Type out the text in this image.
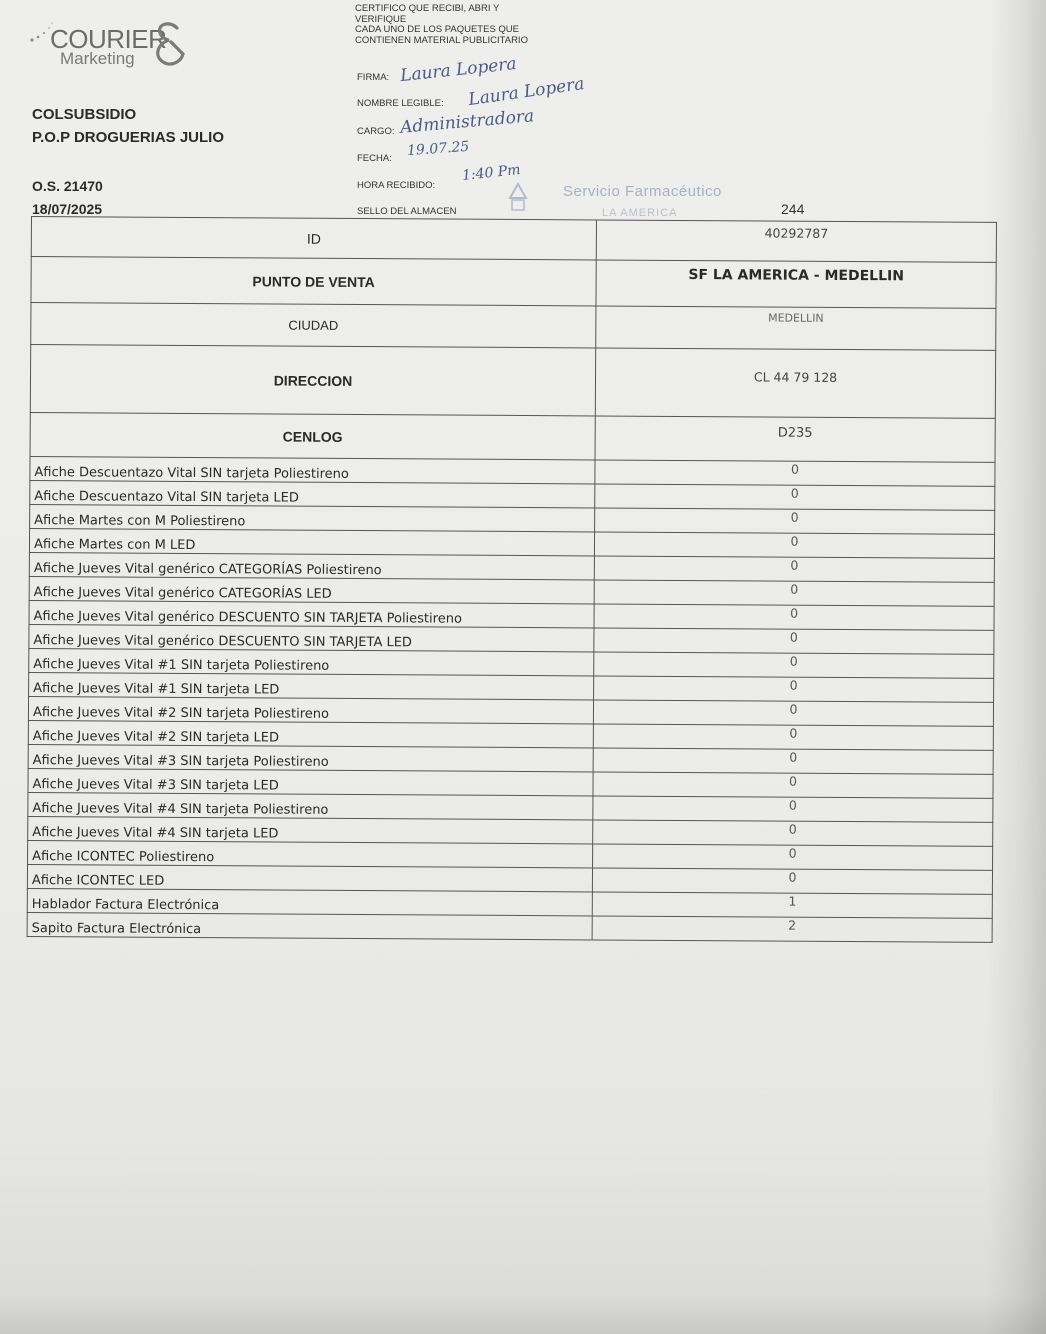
COURIER
Marketing
COLSUBSIDIO
P.O.P DROGUERIAS JULIO
O.S. 21470
18/07/2025
CERTIFICO QUE RECIBI, ABRI Y
VERIFIQUE
CADA UNO DE LOS PAQUETES QUE
CONTIENEN MATERIAL PUBLICITARIO
FIRMA: Laura Lopera
NOMBRE LEGIBLE: Laura Lopera
CARGO: Administradora
FECHA: 19.07.25
HORA RECIBIDO:
1:40 Pm
SELLO DEL ALMACEN
Servicio Farmacéutico
LA AMERICA	244
ID	40292787
PUNTO DE VENTA	SF LA AMERICA - MEDELLIN
CIUDAD	MEDELLIN
DIRECCION	CL 44 79 128
CENLOG	D235
Afiche Descuentazo Vital SIN tarjeta Poliestireno	0
Afiche Descuentazo Vital SIN tarjeta LED	0
Afiche Martes con M Poliestireno	0
Afiche Martes con M LED	0
Afiche Jueves Vital genérico CATEGORÍAS Poliestireno	0
Afiche Jueves Vital genérico CATEGORÍAS LED	0
Afiche Jueves Vital genérico DESCUENTO SIN TARJETA Poliestireno	0
Afiche Jueves Vital genérico DESCUENTO SIN TARJETA LED	0
Afiche Jueves Vital #1 SIN tarjeta Poliestireno	0
Afiche Jueves Vital #1 SIN tarjeta LED	0
Afiche Jueves Vital #2 SIN tarjeta Poliestireno	0
Afiche Jueves Vital #2 SIN tarjeta LED	0
Afiche Jueves Vital #3 SIN tarjeta Poliestireno	0
Afiche Jueves Vital #3 SIN tarjeta LED	0
Afiche Jueves Vital #4 SIN tarjeta Poliestireno	0
Afiche Jueves Vital #4 SIN tarjeta LED	0
Afiche ICONTEC Poliestireno	0
Afiche ICONTEC LED	0
Hablador Factura Electrónica	1
Sapito Factura Electrónica	2
